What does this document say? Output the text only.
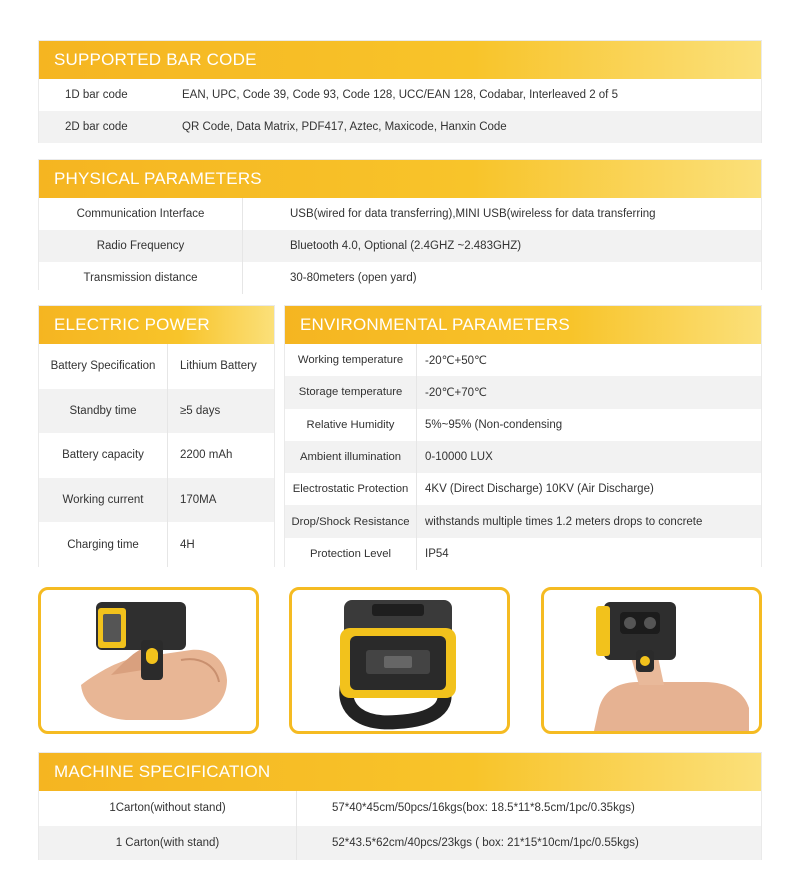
SUPPORTED BAR CODE
1D bar code	EAN, UPC, Code 39, Code 93, Code 128, UCC/EAN 128, Codabar, Interleaved 2 of 5
2D bar code	QR Code, Data Matrix, PDF417, Aztec, Maxicode, Hanxin Code
PHYSICAL PARAMETERS
Communication Interface	USB(wired for data transferring),MINI USB(wireless for data transferring
Radio Frequency	Bluetooth 4.0, Optional (2.4GHZ ~2.483GHZ)
Transmission distance	30-80meters (open yard)
ELECTRIC POWER
Battery Specification	Lithium Battery
Standby time	≥5 days
Battery capacity	2200 mAh
Working current	170MA
Charging time	4H
ENVIRONMENTAL PARAMETERS
Working temperature	-20℃+50℃
Storage temperature	-20℃+70℃
Relative Humidity	5%~95% (Non-condensing
Ambient illumination	0-10000 LUX
Electrostatic Protection	4KV (Direct Discharge) 10KV (Air Discharge)
Drop/Shock Resistance	withstands multiple times 1.2 meters drops to concrete
Protection Level	IP54
MACHINE SPECIFICATION
1Carton(without stand)	57*40*45cm/50pcs/16kgs(box: 18.5*11*8.5cm/1pc/0.35kgs)
1 Carton(with stand)	52*43.5*62cm/40pcs/23kgs ( box: 21*15*10cm/1pc/0.55kgs)
